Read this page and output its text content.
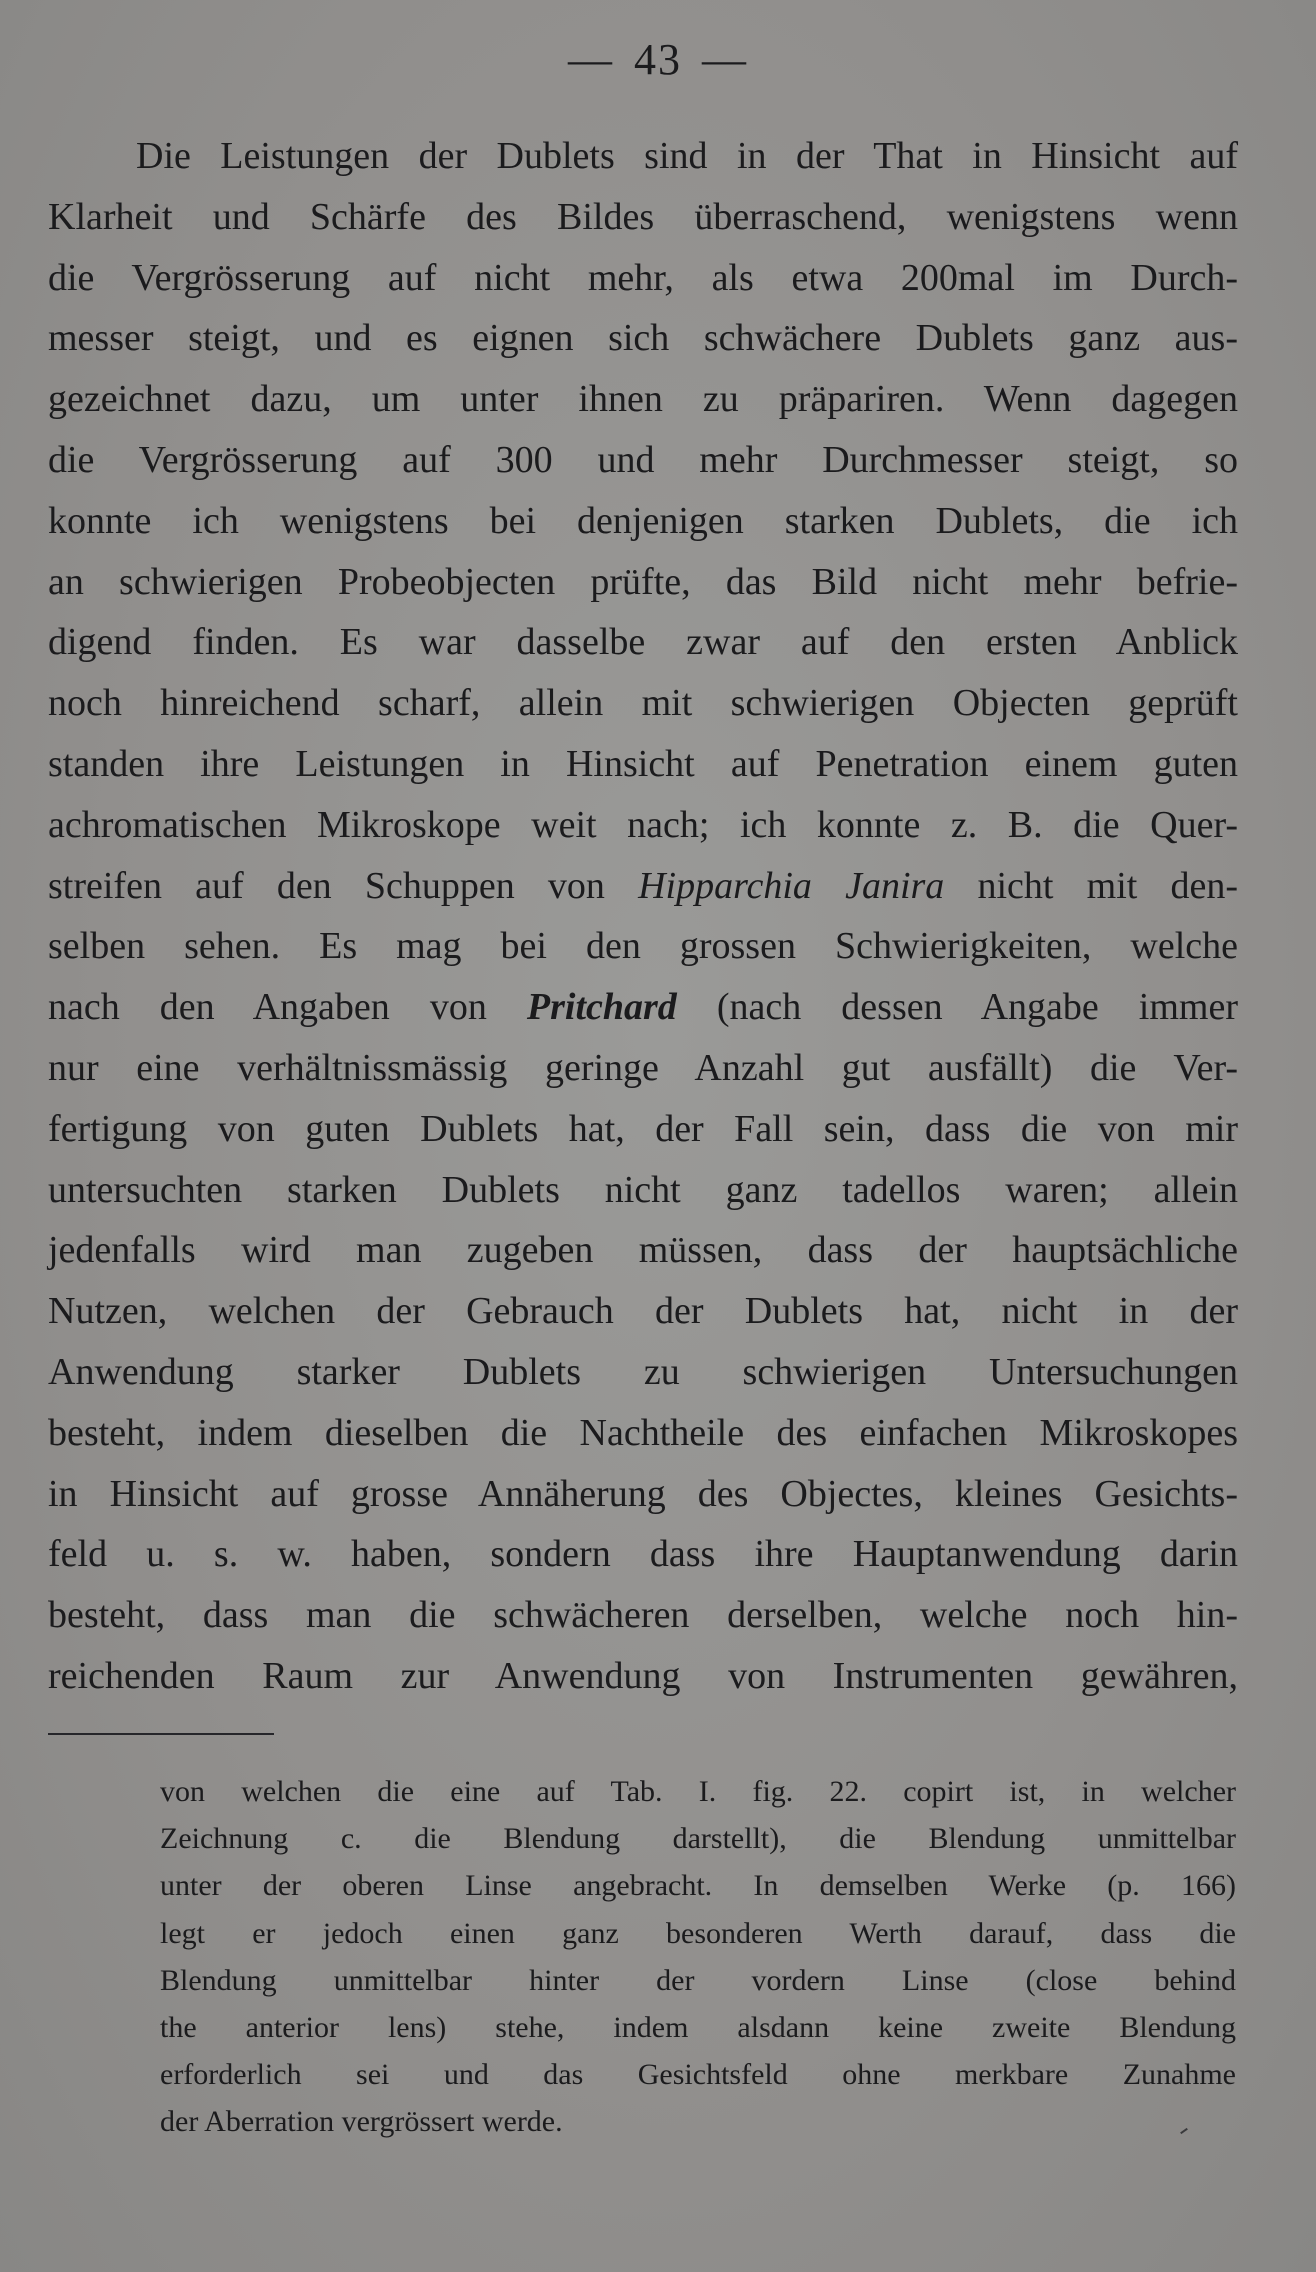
— 43 —
Die Leistungen der Dublets sind in der That in Hinsicht auf
Klarheit und Schärfe des Bildes überraschend, wenigstens wenn
die Vergrösserung auf nicht mehr, als etwa 200mal im Durch-
messer steigt, und es eignen sich schwächere Dublets ganz aus-
gezeichnet dazu, um unter ihnen zu präpariren. Wenn dagegen
die Vergrösserung auf 300 und mehr Durchmesser steigt, so
konnte ich wenigstens bei denjenigen starken Dublets, die ich
an schwierigen Probeobjecten prüfte, das Bild nicht mehr befrie-
digend finden. Es war dasselbe zwar auf den ersten Anblick
noch hinreichend scharf, allein mit schwierigen Objecten geprüft
standen ihre Leistungen in Hinsicht auf Penetration einem guten
achromatischen Mikroskope weit nach; ich konnte z. B. die Quer-
streifen auf den Schuppen von Hipparchia Janira nicht mit den-
selben sehen. Es mag bei den grossen Schwierigkeiten, welche
nach den Angaben von Pritchard (nach dessen Angabe immer
nur eine verhältnissmässig geringe Anzahl gut ausfällt) die Ver-
fertigung von guten Dublets hat, der Fall sein, dass die von mir
untersuchten starken Dublets nicht ganz tadellos waren; allein
jedenfalls wird man zugeben müssen, dass der hauptsächliche
Nutzen, welchen der Gebrauch der Dublets hat, nicht in der
Anwendung starker Dublets zu schwierigen Untersuchungen
besteht, indem dieselben die Nachtheile des einfachen Mikroskopes
in Hinsicht auf grosse Annäherung des Objectes, kleines Gesichts-
feld u. s. w. haben, sondern dass ihre Hauptanwendung darin
besteht, dass man die schwächeren derselben, welche noch hin-
reichenden Raum zur Anwendung von Instrumenten gewähren,
von welchen die eine auf Tab. I. fig. 22. copirt ist, in welcher
Zeichnung c. die Blendung darstellt), die Blendung unmittelbar
unter der oberen Linse angebracht. In demselben Werke (p. 166)
legt er jedoch einen ganz besonderen Werth darauf, dass die
Blendung unmittelbar hinter der vordern Linse (close behind
the anterior lens) stehe, indem alsdann keine zweite Blendung
erforderlich sei und das Gesichtsfeld ohne merkbare Zunahme
der Aberration vergrössert werde.
